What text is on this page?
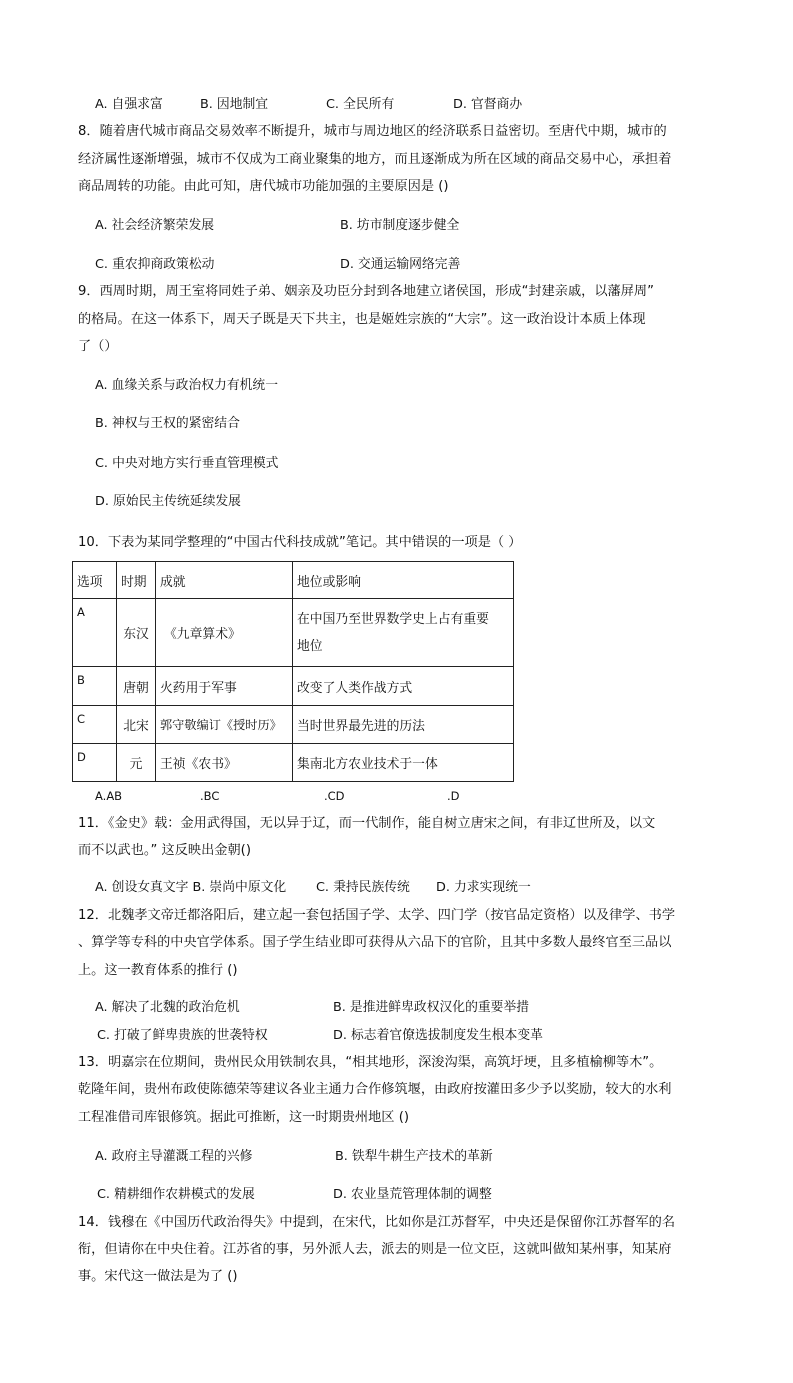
A. 自强求富	B. 因地制宜	C. 全民所有	D. 官督商办
8．随着唐代城市商品交易效率不断提升，城市与周边地区的经济联系日益密切。至唐代中期，城市的
经济属性逐渐增强，城市不仅成为工商业聚集的地方，而且逐渐成为所在区域的商品交易中心，承担着
商品周转的功能。由此可知，唐代城市功能加强的主要原因是 ()
A. 社会经济繁荣发展	B. 坊市制度逐步健全
C. 重农抑商政策松动	D. 交通运输网络完善
9．西周时期，周王室将同姓子弟、姻亲及功臣分封到各地建立诸侯国，形成“封建亲戚，以藩屏周”
的格局。在这一体系下，周天子既是天下共主，也是姬姓宗族的“大宗”。这一政治设计本质上体现
了（）
A. 血缘关系与政治权力有机统一
B. 神权与王权的紧密结合
C. 中央对地方实行垂直管理模式
D. 原始民主传统延续发展
10．下表为某同学整理的“中国古代科技成就”笔记。其中错误的一项是（ ）
选项	时期	成就	地位或影响
A	东汉	《九章算术》	在中国乃至世界数学史上占有重要
地位
B	唐朝	火药用于军事	改变了人类作战方式
C	北宋	郭守敬编订《授时历》	当时世界最先进的历法
D	元	王祯《农书》	集南北方农业技术于一体
A.AB	.BC	.CD	.D
11．《金史》载：金用武得国，无以异于辽，而一代制作，能自树立唐宋之间，有非辽世所及，以文
而不以武也。” 这反映出金朝()
A. 创设女真文字 B. 崇尚中原文化 C. 秉持民族传统 D. 力求实现统一
12．北魏孝文帝迁都洛阳后，建立起一套包括国子学、太学、四门学（按官品定资格）以及律学、书学
、算学等专科的中央官学体系。国子学生结业即可获得从六品下的官阶，且其中多数人最终官至三品以
上。这一教育体系的推行 ()
A. 解决了北魏的政治危机	B. 是推进鲜卑政权汉化的重要举措
C. 打破了鲜卑贵族的世袭特权	D. 标志着官僚选拔制度发生根本变革
13．明嘉宗在位期间，贵州民众用铁制农具，“相其地形，深浚沟渠，高筑圩埂，且多植榆柳等木”。
乾隆年间，贵州布政使陈德荣等建议各业主通力合作修筑堰，由政府按灌田多少予以奖励，较大的水利
工程准借司库银修筑。据此可推断，这一时期贵州地区 ()
A. 政府主导灌溉工程的兴修	B. 铁犁牛耕生产技术的革新
C. 精耕细作农耕模式的发展	D. 农业垦荒管理体制的调整
14．钱穆在《中国历代政治得失》中提到，在宋代，比如你是江苏督军，中央还是保留你江苏督军的名
衔，但请你在中央住着。江苏省的事，另外派人去，派去的则是一位文臣，这就叫做知某州事，知某府
事。宋代这一做法是为了 ()
